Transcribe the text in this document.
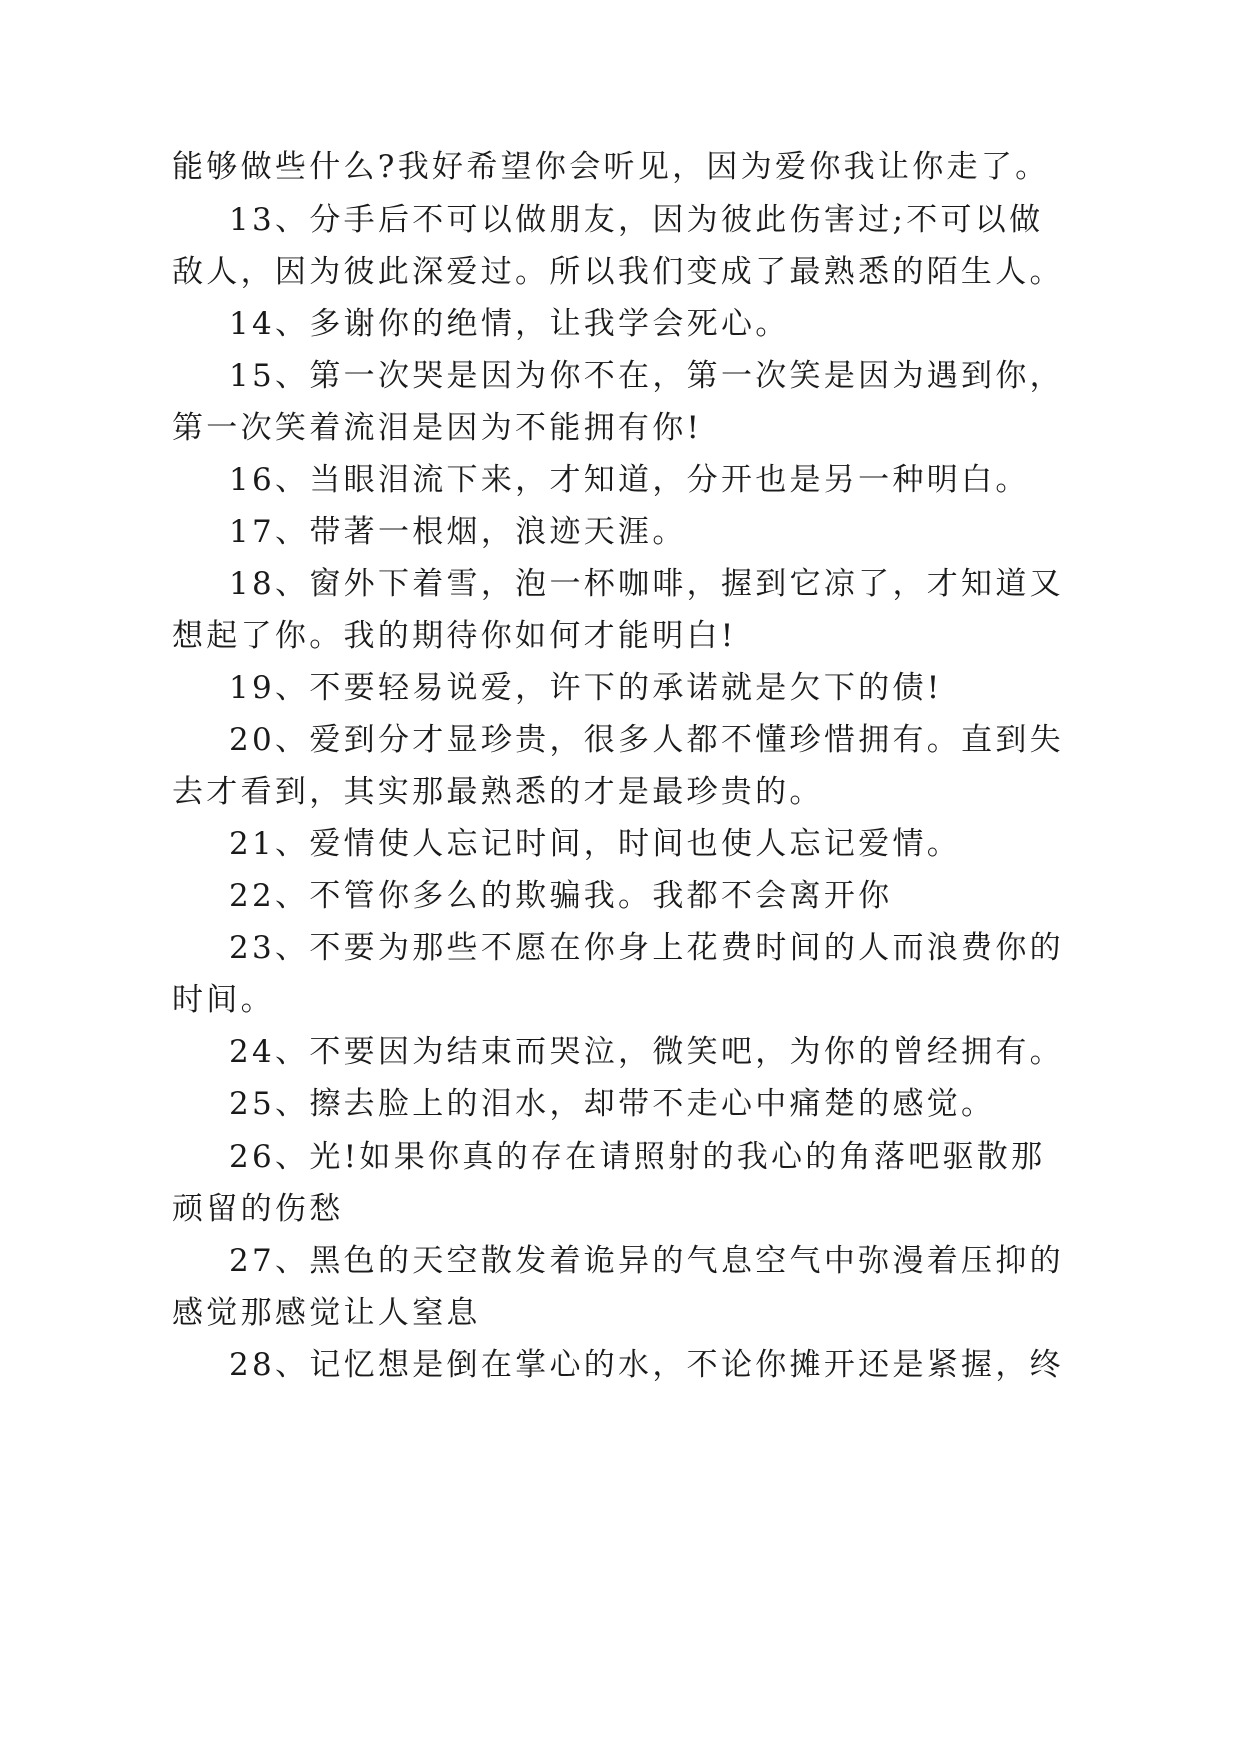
能够做些什么?我好希望你会听见，因为爱你我让你走了。
13、分手后不可以做朋友，因为彼此伤害过;不可以做
敌人，因为彼此深爱过。所以我们变成了最熟悉的陌生人。
14、多谢你的绝情，让我学会死心。
15、第一次哭是因为你不在，第一次笑是因为遇到你，
第一次笑着流泪是因为不能拥有你!
16、当眼泪流下来，才知道，分开也是另一种明白。
17、带著一根烟，浪迹天涯。
18、窗外下着雪，泡一杯咖啡，握到它凉了，才知道又
想起了你。我的期待你如何才能明白!
19、不要轻易说爱，许下的承诺就是欠下的债!
20、爱到分才显珍贵，很多人都不懂珍惜拥有。直到失
去才看到，其实那最熟悉的才是最珍贵的。
21、爱情使人忘记时间，时间也使人忘记爱情。
22、不管你多么的欺骗我。我都不会离开你
23、不要为那些不愿在你身上花费时间的人而浪费你的
时间。
24、不要因为结束而哭泣，微笑吧，为你的曾经拥有。
25、擦去脸上的泪水，却带不走心中痛楚的感觉。
26、光!如果你真的存在请照射的我心的角落吧驱散那
顽留的伤愁
27、黑色的天空散发着诡异的气息空气中弥漫着压抑的
感觉那感觉让人窒息
28、记忆想是倒在掌心的水，不论你摊开还是紧握，终
